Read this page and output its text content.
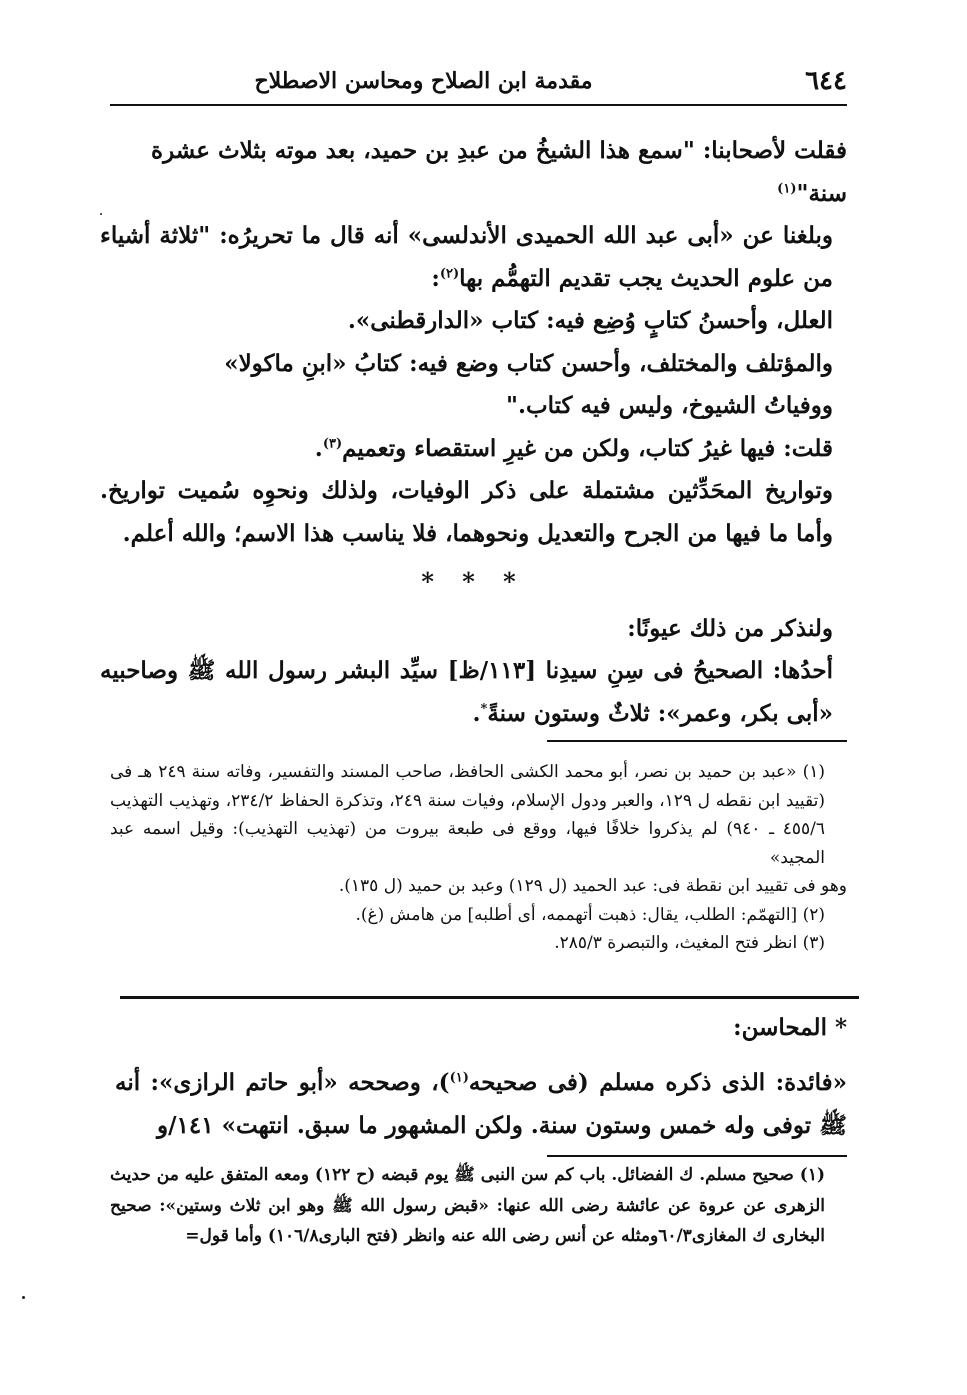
٦٤٤
مقدمة ابن الصلاح ومحاسن الاصطلاح

فقلت لأصحابنا: "سمع هذا الشيخُ من عبدِ بن حميد، بعد موته بثلاث عشرة سنة"$^{(١)}$

وبلغنا عن «أبى عبد الله الحميدى الأندلسى» أنه قال ما تحريرُه: "ثلاثة أشياء من علوم الحديث يجب تقديم التهمُّم بها$^{(٢)}$:

العلل، وأحسنُ كتابٍ وُضِع فيه: كتاب «الدارقطنى».

والمؤتلف والمختلف، وأحسن كتاب وضع فيه: كتابُ «ابنِ ماكولا»

ووفياتُ الشيوخ، وليس فيه كتاب."

قلت: فيها غيرُ كتاب، ولكن من غيرِ استقصاء وتعميم$^{(٣)}$.

وتواريخ المحَدِّثين مشتملة على ذكر الوفيات، ولذلك ونحوِه سُميت تواريخ. وأما ما فيها من الجرح والتعديل ونحوهما، فلا يناسب هذا الاسم؛ والله أعلم.

* * *

ولنذكر من ذلك عيونًا:

أحدُها: الصحيحُ فى سِنِ سيدِنا [١١٣/ظ] سيِّد البشر رسول الله ﷺ وصاحبيه «أبى بكر، وعمر»: ثلاثٌ وستون سنةً*.

(١) «عبد بن حميد بن نصر، أبو محمد الكشى الحافظ، صاحب المسند والتفسير، وفاته سنة ٢٤٩ هـ فى (تقييد ابن نقطه ل ١٢٩، والعبر ودول الإسلام، وفيات سنة ٢٤٩، وتذكرة الحفاظ ٢٣٤/٢، وتهذيب التهذيب ٤٥٥/٦ ـ ٩٤٠) لم يذكروا خلافًا فيها، ووقع فى طبعة بيروت من (تهذيب التهذيب): وقيل اسمه عبد المجيد»

وهو فى تقييد ابن نقطة فى: عبد الحميد (ل ١٢٩) وعبد بن حميد (ل ١٣٥).

(٢) [التهمّم: الطلب، يقال: ذهبت أتهممه، أى أطلبه] من هامش (غ).

(٣) انظر فتح المغيث، والتبصرة ٢٨٥/٣.

* المحاسن:

«فائدة: الذى ذكره مسلم (فى صحيحه$^{(١)}$)، وصححه «أبو حاتم الرازى»: أنه ﷺ توفى وله خمس وستون سنة. ولكن المشهور ما سبق. انتهت» ١٤١/و

(١) صحيح مسلم. ك الفضائل. باب كم سن النبى ﷺ يوم قبضه (ح ١٢٢) ومعه المتفق عليه من حديث الزهرى عن عروة عن عائشة رضى الله عنها: «قبض رسول الله ﷺ وهو ابن ثلاث وستين»: صحيح البخارى ك المغازى٦٠/٣ومثله عن أنس رضى الله عنه وانظر (فتح البارى١٠٦/٨) وأما قول=
